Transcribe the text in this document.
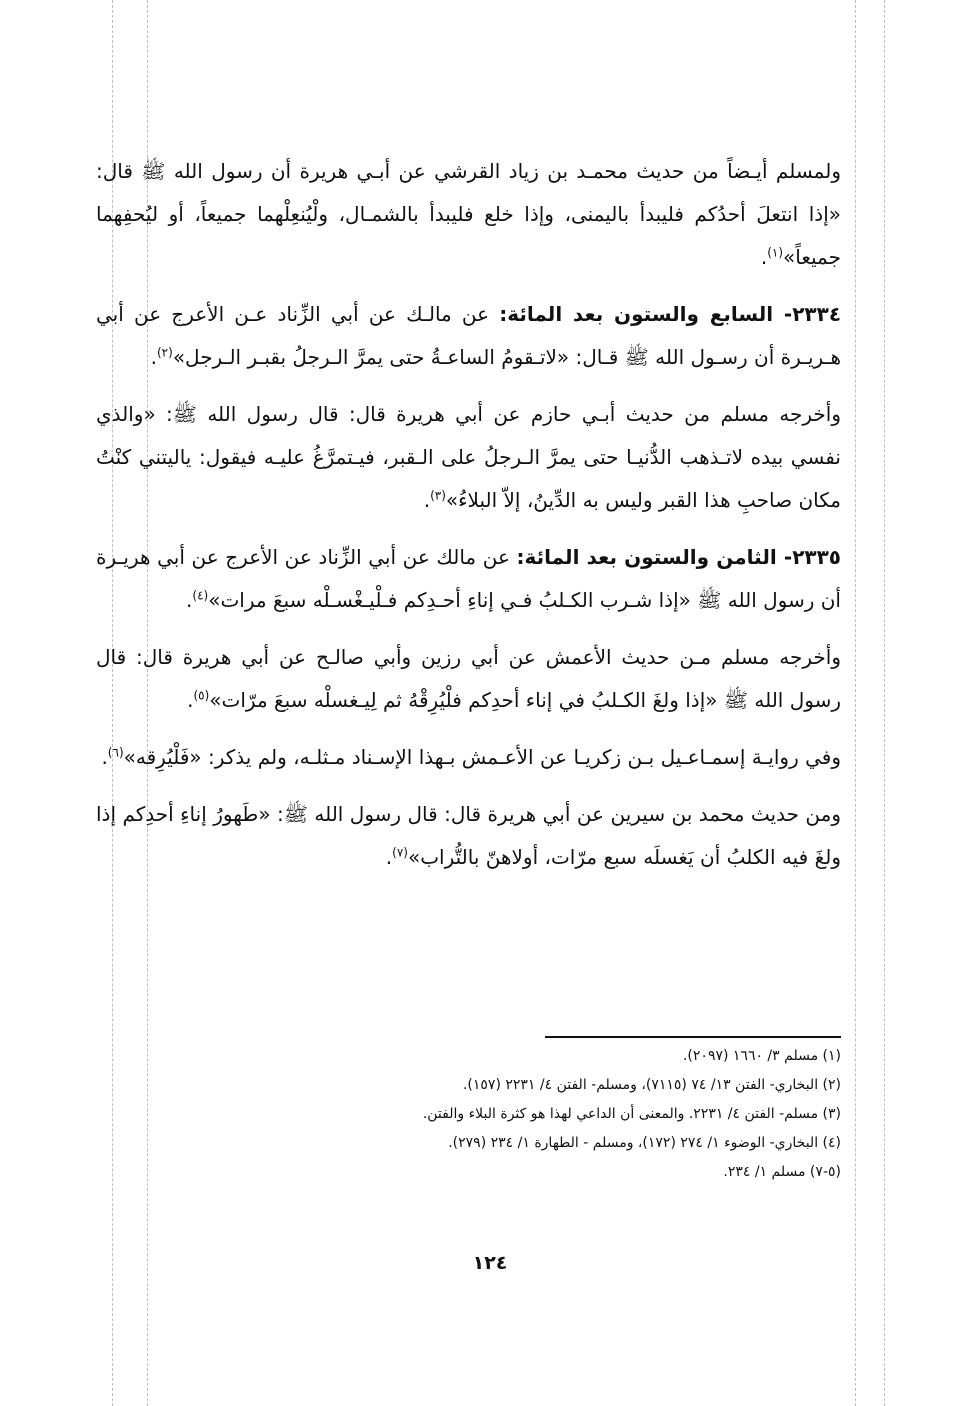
ولمسلم أيـضاً من حديث محمـد بن زياد القرشي عن أبـي هريرة أن رسول الله ﷺ قال: «إذا انتعلَ أحدُكم فليبدأ باليمنى، وإذا خلع فليبدأ بالشمـال، ولْيُنعِلْهما جميعاً، أو ليُحفِهما جميعاً»$^{(١)}$.

٢٣٣٤- السابع والستون بعد المائة: عن مالـك عن أبي الزِّناد عـن الأعرج عن أبي هـريـرة أن رسـول الله ﷺ قـال: «لاتـقومُ الساعـةُ حتى يمرَّ الـرجلُ بقبـر الـرجل»$^{(٢)}$.

وأخرجه مسلم من حديث أبـي حازم عن أبي هريرة قال: قال رسول الله ﷺ: «والذي نفسي بيده لاتـذهب الدُّنيـا حتى يمرَّ الـرجلُ على الـقبر، فيـتمرَّغُ عليـه فيقول: ياليتني كنْتُ مكان صاحبِ هذا القبر وليس به الدِّينُ، إلاّ البلاءُ»$^{(٣)}$.

٢٣٣٥- الثامن والستون بعد المائة: عن مالك عن أبي الزِّناد عن الأعرج عن أبي هريـرة أن رسول الله ﷺ «إذا شـرب الكـلبُ فـي إناءِ أحـدِكم فـلْيـغْسـلْه سبعَ مرات»$^{(٤)}$.

وأخرجه مسلم مـن حديث الأعمش عن أبي رزين وأبي صالـح عن أبي هريرة قال: قال رسول الله ﷺ «إذا ولغَ الكـلبُ في إناء أحدِكم فلْيُرِقْهُ ثم لِيـغسلْه سبعَ مرّات»$^{(٥)}$.

وفي روايـة إسمـاعـيل بـن زكريـا عن الأعـمش بـهذا الإسـناد مـثلـه، ولم يذكر: «فَلْيُرِقه»$^{(٦)}$.

ومن حديث محمد بن سيرين عن أبي هريرة قال: قال رسول الله ﷺ: «طَهورُ إناءِ أحدِكم إذا ولغَ فيه الكلبُ أن يَغسلَه سبع مرّات، أولاهنّ بالتُّراب»$^{(٧)}$.

(١) مسلم ٣/ ١٦٦٠ (٢٠٩٧).
(٢) البخاري- الفتن ١٣/ ٧٤ (٧١١٥)، ومسلم- الفتن ٤/ ٢٢٣١ (١٥٧).
(٣) مسلم- الفتن ٤/ ٢٢٣١. والمعنى أن الداعي لهذا هو كثرة البلاء والفتن.
(٤) البخاري- الوضوء ١/ ٢٧٤ (١٧٢)، ومسلم - الطهارة ١/ ٢٣٤ (٢٧٩).
(٥-٧) مسلم ١/ ٢٣٤.
١٢٤
